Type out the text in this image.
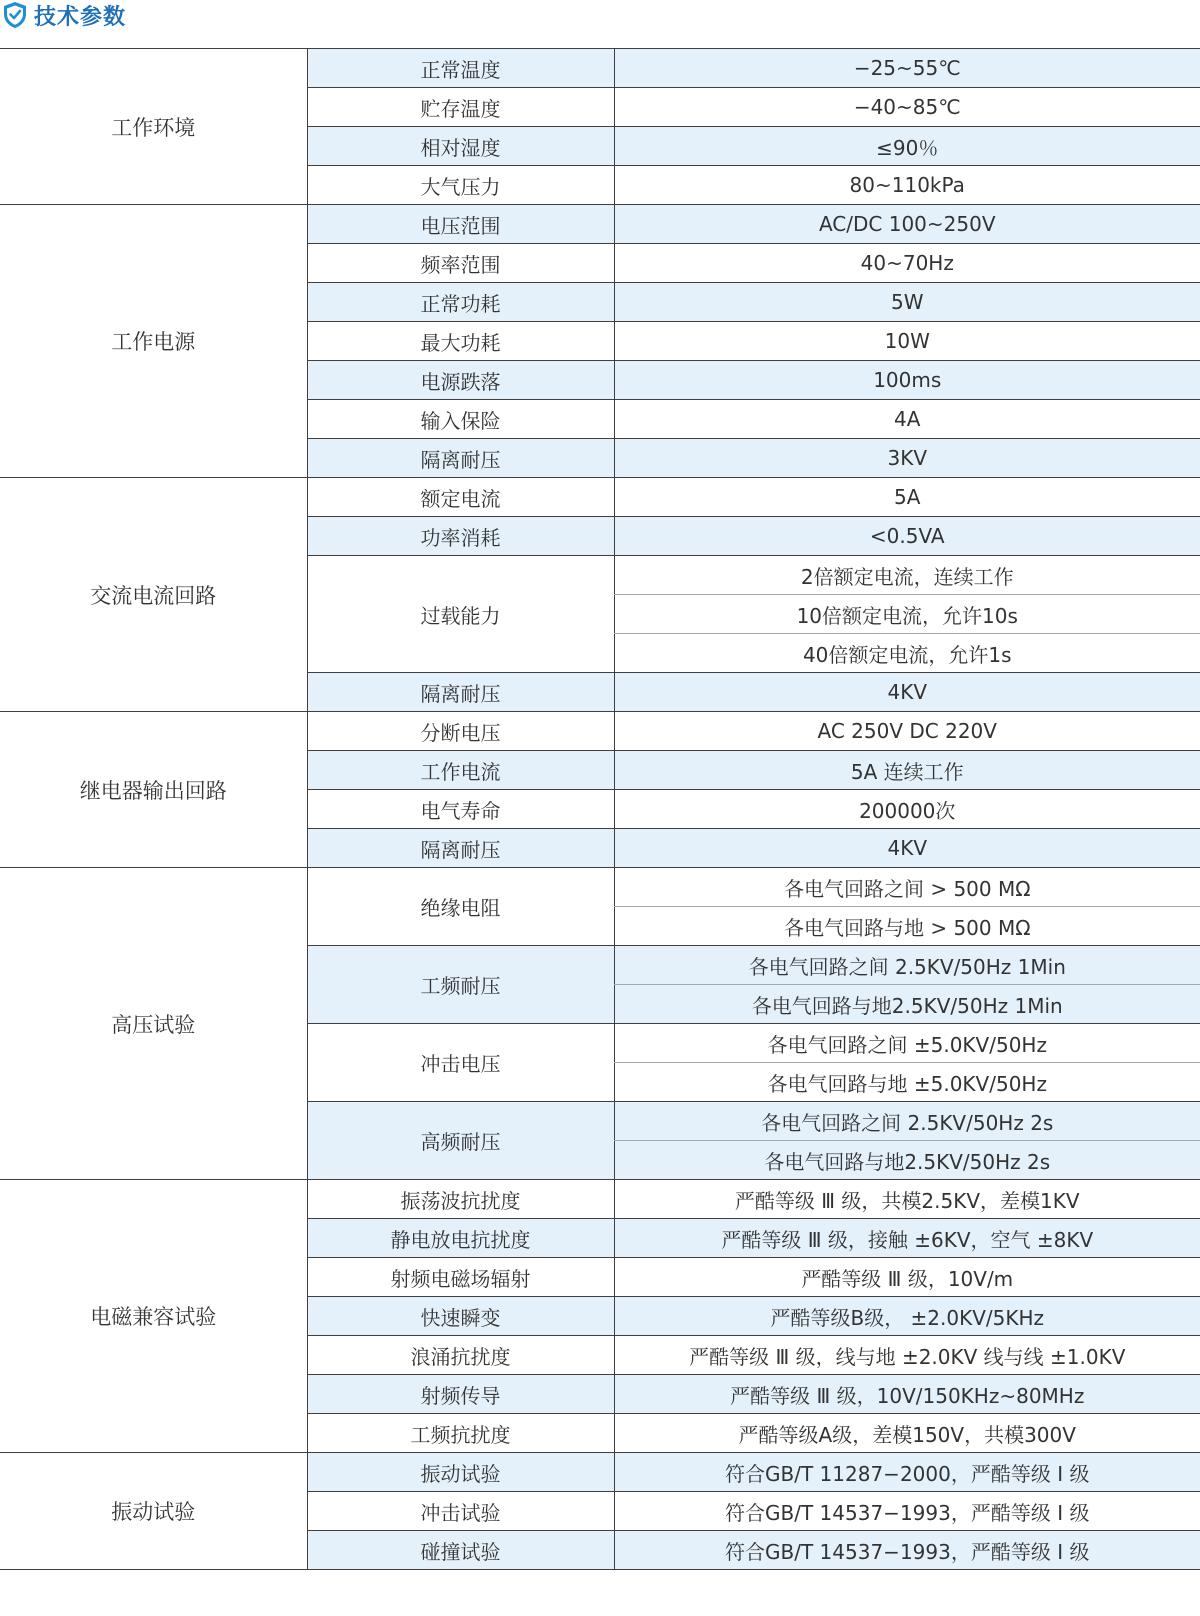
技术参数
工作环境	正常温度	−25~55℃
	贮存温度	−40~85℃
	相对湿度	≤90％
	大气压力	80~110kPa
工作电源	电压范围	AC/DC 100~250V
	频率范围	40~70Hz
	正常功耗	5W
	最大功耗	10W
	电源跌落	100ms
	输入保险	4A
	隔离耐压	3KV
交流电流回路	额定电流	5A
	功率消耗	<0.5VA
	过载能力	2倍额定电流，连续工作
		10倍额定电流，允许10s
		40倍额定电流，允许1s
	隔离耐压	4KV
继电器输出回路	分断电压	AC 250V DC 220V
	工作电流	5A 连续工作
	电气寿命	200000次
	隔离耐压	4KV
高压试验	绝缘电阻	各电气回路之间 > 500 MΩ
		各电气回路与地 > 500 MΩ
	工频耐压	各电气回路之间 2.5KV/50Hz 1Min
		各电气回路与地2.5KV/50Hz 1Min
	冲击电压	各电气回路之间 ±5.0KV/50Hz
		各电气回路与地 ±5.0KV/50Hz
	高频耐压	各电气回路之间 2.5KV/50Hz 2s
		各电气回路与地2.5KV/50Hz 2s
电磁兼容试验	振荡波抗扰度	严酷等级 Ⅲ 级，共模2.5KV，差模1KV
	静电放电抗扰度	严酷等级 Ⅲ 级，接触 ±6KV，空气 ±8KV
	射频电磁场辐射	严酷等级 Ⅲ 级，10V/m
	快速瞬变	严酷等级B级， ±2.0KV/5KHz
	浪涌抗扰度	严酷等级 Ⅲ 级，线与地 ±2.0KV 线与线 ±1.0KV
	射频传导	严酷等级 Ⅲ 级，10V/150KHz~80MHz
	工频抗扰度	严酷等级A级，差模150V，共模300V
振动试验	振动试验	符合GB/T 11287−2000，严酷等级 Ⅰ 级
	冲击试验	符合GB/T 14537−1993，严酷等级 Ⅰ 级
	碰撞试验	符合GB/T 14537−1993，严酷等级 Ⅰ 级
